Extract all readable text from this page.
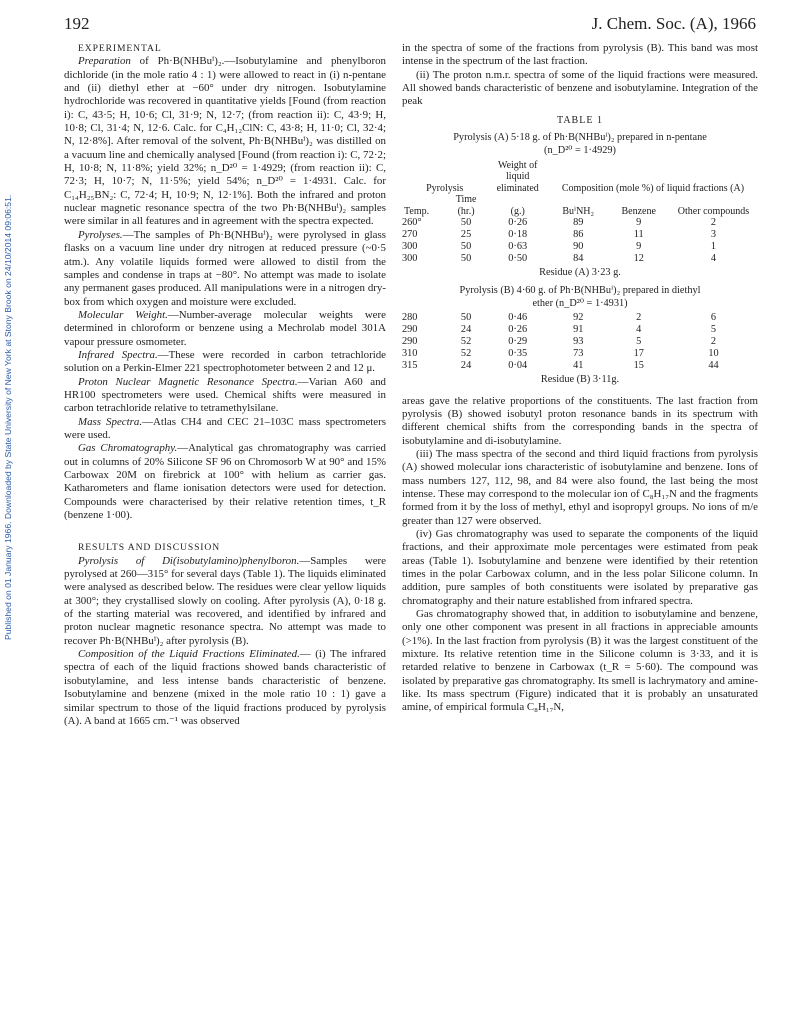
192	J. Chem. Soc. (A), 1966
Published on 01 January 1966. Downloaded by State University of New York at Stony Brook on 24/10/2014 09:06:51.

EXPERIMENTAL

Preparation of Ph·B(NHBuⁱ)₂.—Isobutylamine and phenylboron dichloride (in the mole ratio 4 : 1) were allowed to react in (i) n-pentane and (ii) diethyl ether at −60° under dry nitrogen. Isobutylamine hydrochloride was recovered in quantitative yields [Found (from reaction i): C, 43·5; H, 10·6; Cl, 31·9; N, 12·7; (from reaction ii): C, 43·9; H, 10·8; Cl, 31·4; N, 12·6. Calc. for C₄H₁₂ClN: C, 43·8; H, 11·0; Cl, 32·4; N, 12·8%]. After removal of the solvent, Ph·B(NHBuⁱ)₂ was distilled on a vacuum line and chemically analysed [Found (from reaction i): C, 72·2; H, 10·8; N, 11·8%; yield 32%; n_D²⁰ = 1·4929; (from reaction ii): C, 72·3; H, 10·7; N, 11·5%; yield 54%; n_D²⁰ = 1·4931. Calc. for C₁₄H₂₅BN₂: C, 72·4; H, 10·9; N, 12·1%]. Both the infrared and proton nuclear magnetic resonance spectra of the two Ph·B(NHBuⁱ)₂ samples were similar in all features and in agreement with the spectra expected.

Pyrolyses.—The samples of Ph·B(NHBuⁱ)₂ were pyrolysed in glass flasks on a vacuum line under dry nitrogen at reduced pressure (~0·5 atm.). Any volatile liquids formed were allowed to distil from the samples and condense in traps at −80°. No attempt was made to isolate any permanent gases produced. All manipulations were in a nitrogen dry-box from which oxygen and moisture were excluded.

Molecular Weight.—Number-average molecular weights were determined in chloroform or benzene using a Mechrolab model 301A vapour pressure osmometer.

Infrared Spectra.—These were recorded in carbon tetrachloride solution on a Perkin-Elmer 221 spectrophotometer between 2 and 12 μ.

Proton Nuclear Magnetic Resonance Spectra.—Varian A60 and HR100 spectrometers were used. Chemical shifts were measured in carbon tetrachloride relative to tetramethylsilane.

Mass Spectra.—Atlas CH4 and CEC 21–103C mass spectrometers were used.

Gas Chromatography.—Analytical gas chromatography was carried out in columns of 20% Silicone SF 96 on Chromosorb W at 90° and 15% Carbowax 20M on firebrick at 100° with helium as carrier gas. Katharometers and flame ionisation detectors were used for detection. Compounds were characterised by their relative retention times, t_R (benzene 1·00).

RESULTS AND DISCUSSION

Pyrolysis of Di(isobutylamino)phenylboron.—Samples were pyrolysed at 260—315° for several days (Table 1). The liquids eliminated were analysed as described below. The residues were clear yellow liquids at 300°; they crystallised slowly on cooling. After pyrolysis (A), 0·18 g. of the starting material was recovered, and identified by infrared and proton nuclear magnetic resonance spectra. No attempt was made to recover Ph·B(NHBuⁱ)₂ after pyrolysis (B).

Composition of the Liquid Fractions Eliminated.— (i) The infrared spectra of each of the liquid fractions showed bands characteristic of isobutylamine, and less intense bands characteristic of benzene. Isobutylamine and benzene (mixed in the mole ratio 10 : 1) gave a similar spectrum to those of the liquid fractions produced by pyrolysis (A). A band at 1665 cm.⁻¹ was observed

in the spectra of some of the fractions from pyrolysis (B). This band was most intense in the spectrum of the last fraction.

(ii) The proton n.m.r. spectra of some of the liquid fractions were measured. All showed bands characteristic of benzene and isobutylamine. Integration of the peak

TABLE 1
Pyrolysis (A) 5·18 g. of Ph·B(NHBuⁱ)₂ prepared in n-pentane
(n_D²⁰ = 1·4929)
Pyrolysis		Weight of liquid eliminated	Composition (mole %) of liquid fractions (A)		
Temp.	Time (hr.)	(g.)	BuⁱNH₂	Benzene	Other compounds
260°	50	0·26	89	9	2
270	25	0·18	86	11	3
300	50	0·63	90	9	1
300	50	0·50	84	12	4
Residue (A) 3·23 g.
Pyrolysis (B) 4·60 g. of Ph·B(NHBuⁱ)₂ prepared in diethyl
ether (n_D²⁰ = 1·4931)
280	50	0·46	92	2	6
290	24	0·26	91	4	5
290	52	0·29	93	5	2
310	52	0·35	73	17	10
315	24	0·04	41	15	44
Residue (B) 3·11g.

areas gave the relative proportions of the constituents. The last fraction from pyrolysis (B) showed isobutyl proton resonance bands in its spectrum with different chemical shifts from the corresponding bands in the spectra of isobutylamine and di-isobutylamine.

(iii) The mass spectra of the second and third liquid fractions from pyrolysis (A) showed molecular ions characteristic of isobutylamine and benzene. Ions of mass numbers 127, 112, 98, and 84 were also found, the last being the most intense. These may correspond to the molecular ion of C₈H₁₇N and the fragments formed from it by the loss of methyl, ethyl and isopropyl groups. No ions of m/e greater than 127 were observed.

(iv) Gas chromatography was used to separate the components of the liquid fractions, and their approximate mole percentages were estimated from peak areas (Table 1). Isobutylamine and benzene were identified by their retention times in the polar Carbowax column, and in the less polar Silicone column. In addition, pure samples of both constituents were isolated by preparative gas chromatography and their nature established from infrared spectra.

Gas chromatography showed that, in addition to isobutylamine and benzene, only one other component was present in all fractions in appreciable amounts (>1%). In the last fraction from pyrolysis (B) it was the largest constituent of the mixture. Its relative retention time in the Silicone column is 3·33, and it is retarded relative to benzene in Carbowax (t_R = 5·60). The compound was isolated by preparative gas chromatography. Its smell is lachrymatory and amine-like. Its mass spectrum (Figure) indicated that it is probably an unsaturated amine, of empirical formula C₈H₁₇N,
